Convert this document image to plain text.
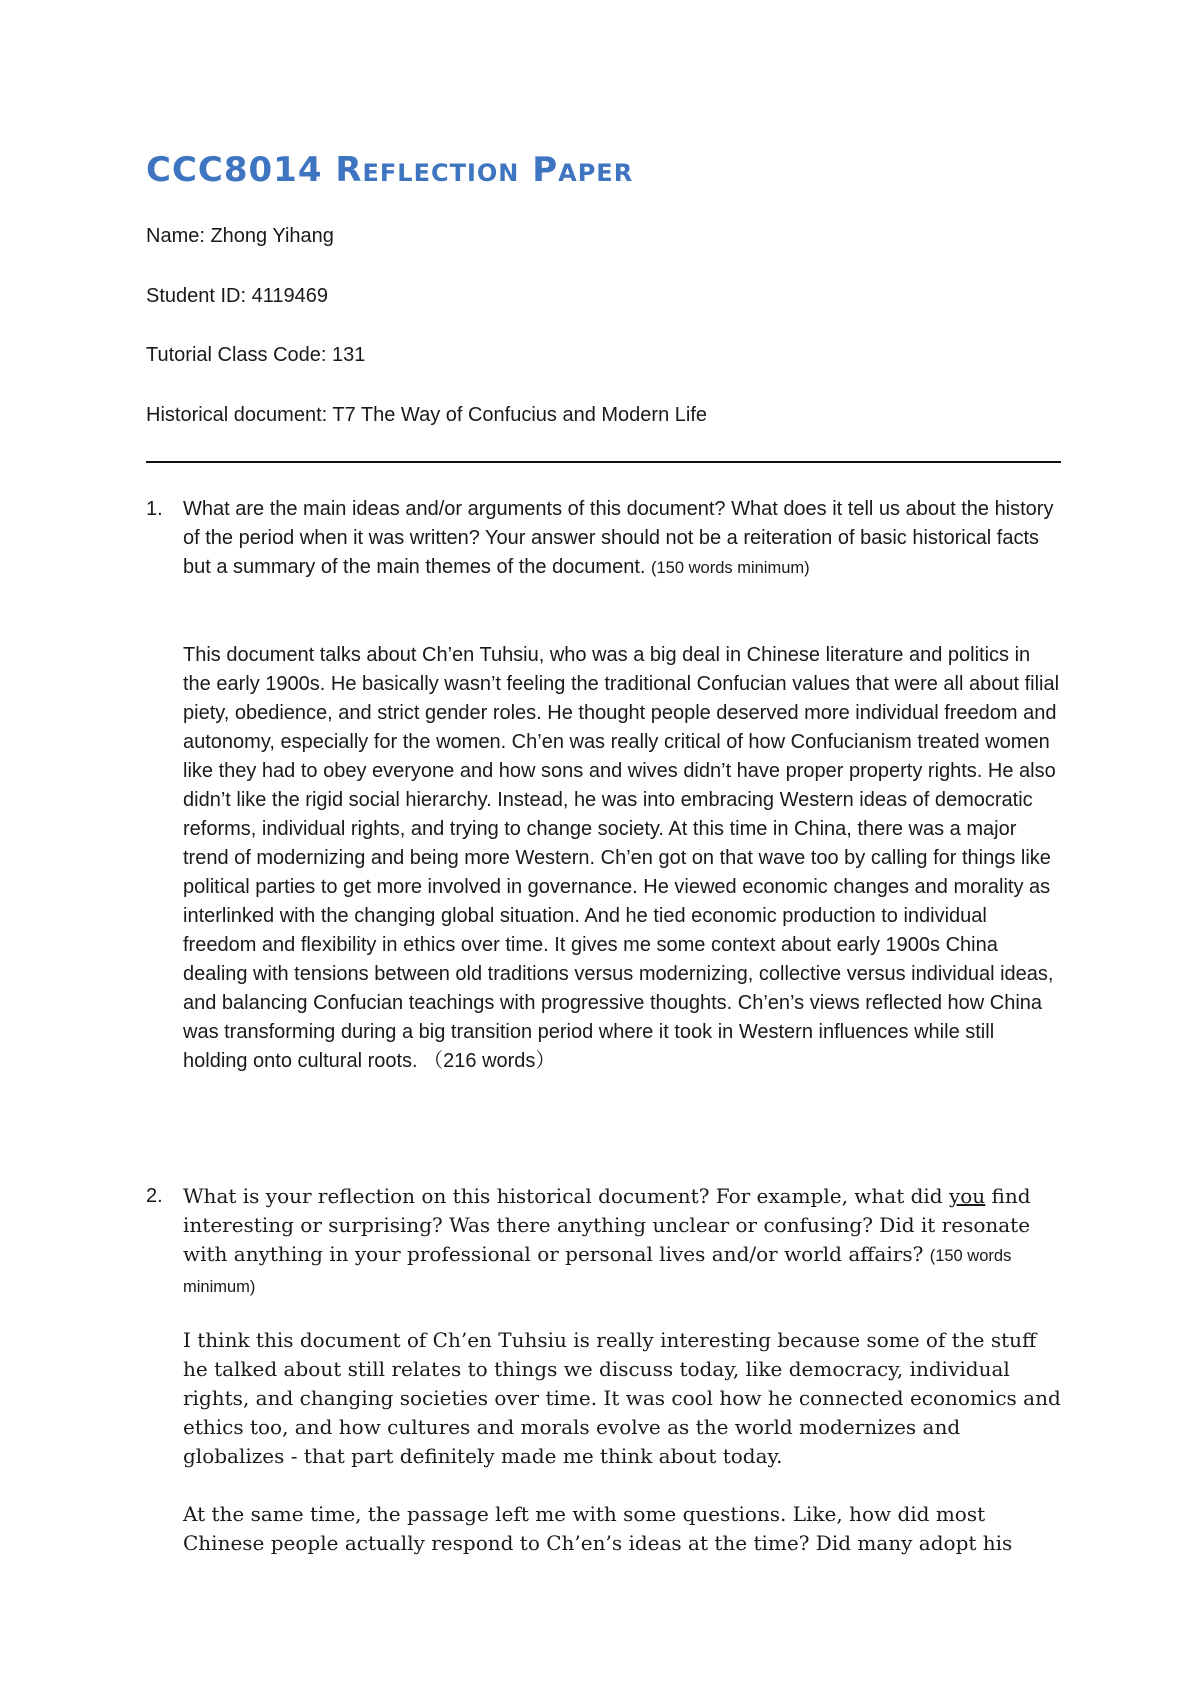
CCC8014 Reflection Paper

Name: Zhong Yihang

Student ID: 4119469

Tutorial Class Code: 131

Historical document: T7 The Way of Confucius and Modern Life

1. What are the main ideas and/or arguments of this document? What does it tell us about the history of the period when it was written? Your answer should not be a reiteration of basic historical facts but a summary of the main themes of the document. (150 words minimum)

This document talks about Ch’en Tuhsiu, who was a big deal in Chinese literature and politics in the early 1900s. He basically wasn’t feeling the traditional Confucian values that were all about filial piety, obedience, and strict gender roles. He thought people deserved more individual freedom and autonomy, especially for the women. Ch’en was really critical of how Confucianism treated women like they had to obey everyone and how sons and wives didn’t have proper property rights. He also didn’t like the rigid social hierarchy. Instead, he was into embracing Western ideas of democratic reforms, individual rights, and trying to change society. At this time in China, there was a major trend of modernizing and being more Western. Ch’en got on that wave too by calling for things like political parties to get more involved in governance. He viewed economic changes and morality as interlinked with the changing global situation. And he tied economic production to individual freedom and flexibility in ethics over time. It gives me some context about early 1900s China dealing with tensions between old traditions versus modernizing, collective versus individual ideas, and balancing Confucian teachings with progressive thoughts. Ch’en’s views reflected how China was transforming during a big transition period where it took in Western influences while still holding onto cultural roots. （216 words）

2. What is your reflection on this historical document? For example, what did you find interesting or surprising? Was there anything unclear or confusing? Did it resonate with anything in your professional or personal lives and/or world affairs? (150 words minimum)

I think this document of Ch’en Tuhsiu is really interesting because some of the stuff he talked about still relates to things we discuss today, like democracy, individual rights, and changing societies over time. It was cool how he connected economics and ethics too, and how cultures and morals evolve as the world modernizes and globalizes - that part definitely made me think about today.

At the same time, the passage left me with some questions. Like, how did most Chinese people actually respond to Ch’en’s ideas at the time? Did many adopt his
